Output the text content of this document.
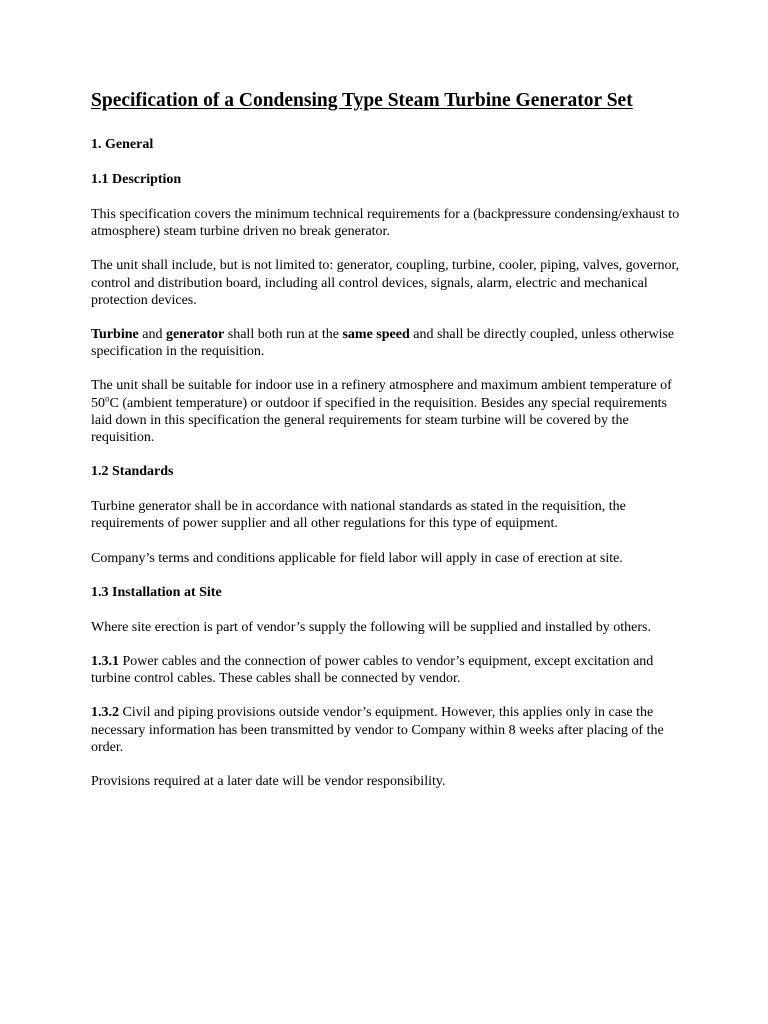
Specification of a Condensing Type Steam Turbine Generator Set
1. General
1.1 Description

This specification covers the minimum technical requirements for a (backpressure condensing/exhaust to atmosphere) steam turbine driven no break generator.

The unit shall include, but is not limited to: generator, coupling, turbine, cooler, piping, valves, governor, control and distribution board, including all control devices, signals, alarm, electric and mechanical protection devices.

Turbine and generator shall both run at the same speed and shall be directly coupled, unless otherwise specification in the requisition.

The unit shall be suitable for indoor use in a refinery atmosphere and maximum ambient temperature of 50$^o$C (ambient temperature) or outdoor if specified in the requisition. Besides any special requirements laid down in this specification the general requirements for steam turbine will be covered by the requisition.

1.2 Standards

Turbine generator shall be in accordance with national standards as stated in the requisition, the requirements of power supplier and all other regulations for this type of equipment.

Company’s terms and conditions applicable for field labor will apply in case of erection at site.

1.3 Installation at Site

Where site erection is part of vendor’s supply the following will be supplied and installed by others.

1.3.1 Power cables and the connection of power cables to vendor’s equipment, except excitation and turbine control cables. These cables shall be connected by vendor.

1.3.2 Civil and piping provisions outside vendor’s equipment. However, this applies only in case the necessary information has been transmitted by vendor to Company within 8 weeks after placing of the order.

Provisions required at a later date will be vendor responsibility.
